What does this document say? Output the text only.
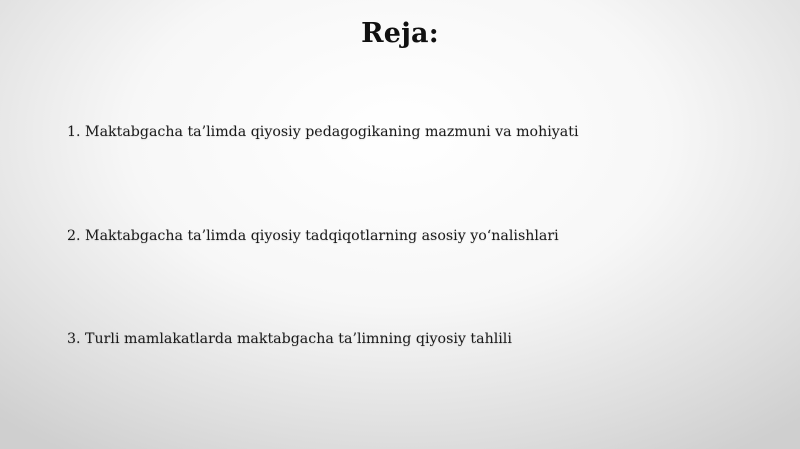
Reja:
1. Maktabgacha ta’limda qiyosiy pedagogikaning mazmuni va mohiyati
2. Maktabgacha ta’limda qiyosiy tadqiqotlarning asosiy yo‘nalishlari
3. Turli mamlakatlarda maktabgacha ta’limning qiyosiy tahlili
